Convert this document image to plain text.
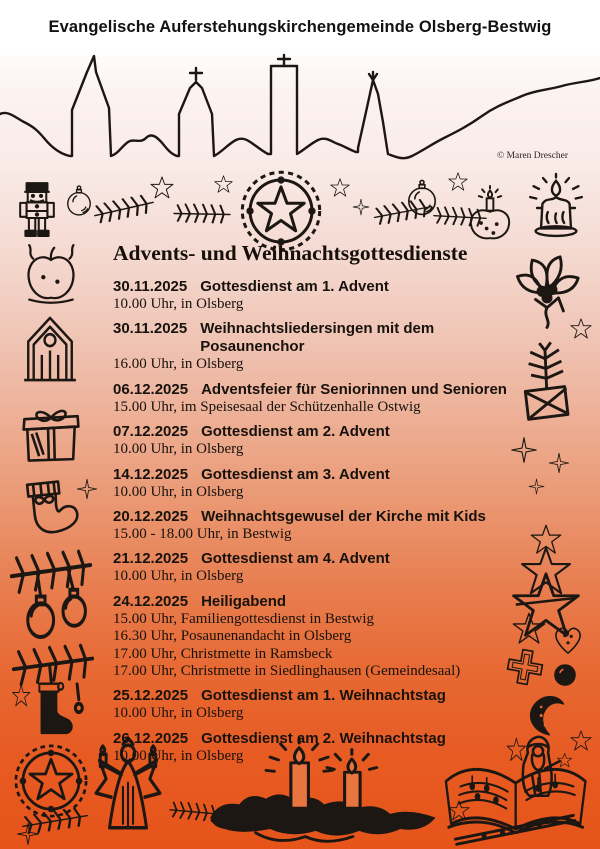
Evangelische Auferstehungskirchengemeinde Olsberg-Bestwig
© Maren Drescher
Advents- und Weihnachtsgottesdienste
30.11.2025 Gottesdienst am 1. Advent
10.00 Uhr, in Olsberg
30.11.2025 Weihnachtsliedersingen mit dem Posaunenchor
16.00 Uhr, in Olsberg
06.12.2025 Adventsfeier für Seniorinnen und Senioren
15.00 Uhr, im Speisesaal der Schützenhalle Ostwig
07.12.2025 Gottesdienst am 2. Advent
10.00 Uhr, in Olsberg
14.12.2025 Gottesdienst am 3. Advent
10.00 Uhr, in Olsberg
20.12.2025 Weihnachtsgewusel der Kirche mit Kids
15.00 - 18.00 Uhr, in Bestwig
21.12.2025 Gottesdienst am 4. Advent
10.00 Uhr, in Olsberg
24.12.2025 Heiligabend
15.00 Uhr, Familiengottesdienst in Bestwig
16.30 Uhr, Posaunenandacht in Olsberg
17.00 Uhr, Christmette in Ramsbeck
17.00 Uhr, Christmette in Siedlinghausen (Gemeindesaal)
25.12.2025 Gottesdienst am 1. Weihnachtstag
10.00 Uhr, in Olsberg
26.12.2025 Gottesdienst am 2. Weihnachtstag
10.00 Uhr, in Olsberg
